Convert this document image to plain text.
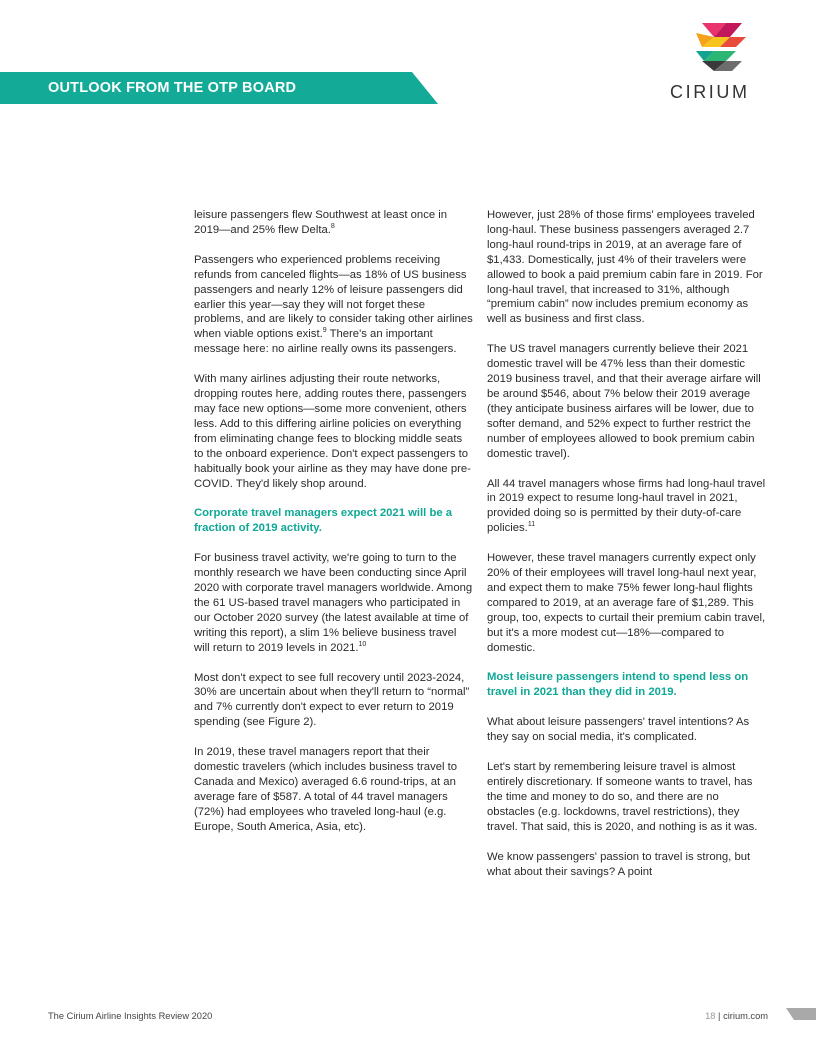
OUTLOOK FROM THE OTP BOARD	CIRIUM

leisure passengers flew Southwest at least once in 2019—and 25% flew Delta.$^8$

Passengers who experienced problems receiving refunds from canceled flights—as 18% of US business passengers and nearly 12% of leisure passengers did earlier this year—say they will not forget these problems, and are likely to consider taking other airlines when viable options exist.$^9$ There's an important message here: no airline really owns its passengers.

With many airlines adjusting their route networks, dropping routes here, adding routes there, passengers may face new options—some more convenient, others less. Add to this differing airline policies on everything from eliminating change fees to blocking middle seats to the onboard experience. Don't expect passengers to habitually book your airline as they may have done pre-COVID. They'd likely shop around.

Corporate travel managers expect 2021 will be a fraction of 2019 activity.

For business travel activity, we're going to turn to the monthly research we have been conducting since April 2020 with corporate travel managers worldwide. Among the 61 US-based travel managers who participated in our October 2020 survey (the latest available at time of writing this report), a slim 1% believe business travel will return to 2019 levels in 2021.10

Most don't expect to see full recovery until 2023-2024, 30% are uncertain about when they'll return to “normal” and 7% currently don't expect to ever return to 2019 spending (see Figure 2).

In 2019, these travel managers report that their domestic travelers (which includes business travel to Canada and Mexico) averaged 6.6 round-trips, at an average fare of $587. A total of 44 travel managers (72%) had employees who traveled long-haul (e.g. Europe, South America, Asia, etc).

However, just 28% of those firms' employees traveled long-haul. These business passengers averaged 2.7 long-haul round-trips in 2019, at an average fare of $1,433. Domestically, just 4% of their travelers were allowed to book a paid premium cabin fare in 2019. For long-haul travel, that increased to 31%, although “premium cabin” now includes premium economy as well as business and first class.

The US travel managers currently believe their 2021 domestic travel will be 47% less than their domestic 2019 business travel, and that their average airfare will be around $546, about 7% below their 2019 average (they anticipate business airfares will be lower, due to softer demand, and 52% expect to further restrict the number of employees allowed to book premium cabin domestic travel).

All 44 travel managers whose firms had long-haul travel in 2019 expect to resume long-haul travel in 2021, provided doing so is permitted by their duty-of-care policies.$^{11}$

However, these travel managers currently expect only 20% of their employees will travel long-haul next year, and expect them to make 75% fewer long-haul flights compared to 2019, at an average fare of $1,289. This group, too, expects to curtail their premium cabin travel, but it's a more modest cut—18%—compared to domestic.

Most leisure passengers intend to spend less on travel in 2021 than they did in 2019.

What about leisure passengers' travel intentions? As they say on social media, it's complicated.

Let's start by remembering leisure travel is almost entirely discretionary. If someone wants to travel, has the time and money to do so, and there are no obstacles (e.g. lockdowns, travel restrictions), they travel. That said, this is 2020, and nothing is as it was.

We know passengers' passion to travel is strong, but what about their savings? A point

The Cirium Airline Insights Review 2020	18 | cirium.com
